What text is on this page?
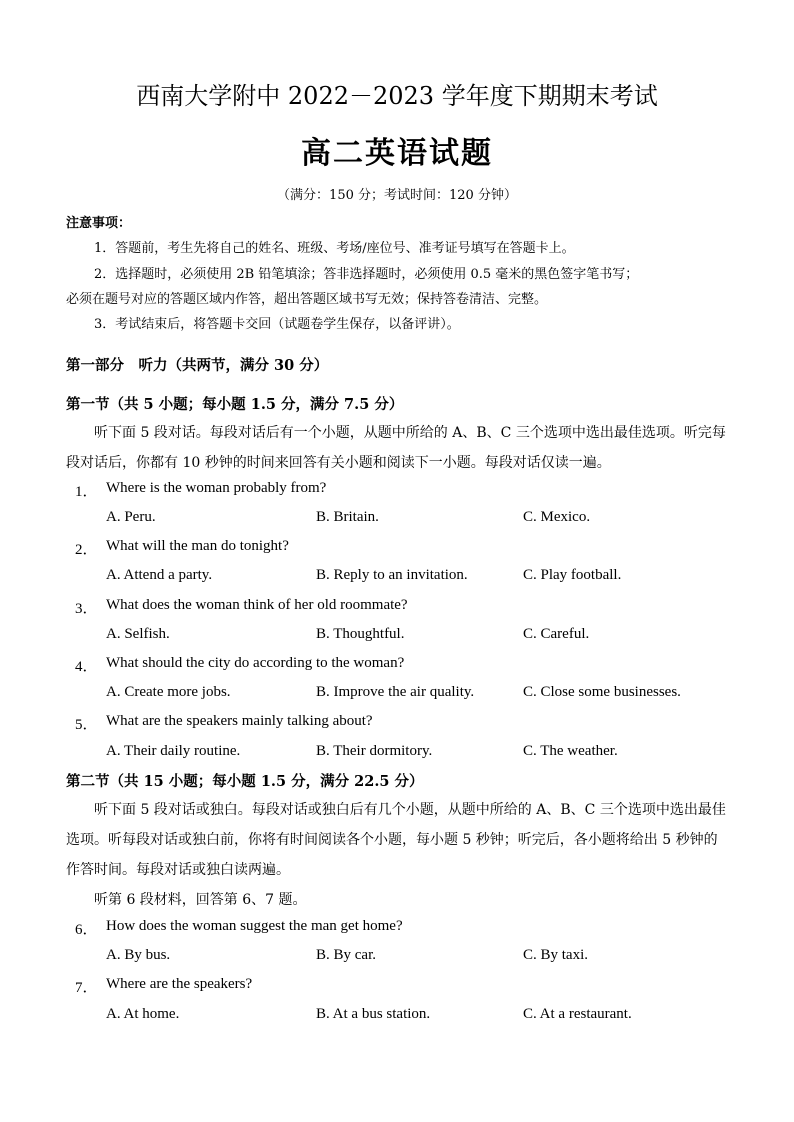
西南大学附中 2022－2023 学年度下期期末考试
高二英语试题
（满分：150 分；考试时间：120 分钟）
注意事项：
1．答题前，考生先将自己的姓名、班级、考场/座位号、准考证号填写在答题卡上。
2．选择题时，必须使用 2B 铅笔填涂；答非选择题时，必须使用 0.5 毫米的黑色签字笔书写；
必须在题号对应的答题区域内作答，超出答题区域书写无效；保持答卷清洁、完整。
3．考试结束后，将答题卡交回（试题卷学生保存，以备评讲）。
第一部分　听力（共两节，满分 30 分）
第一节（共 5 小题；每小题 1.5 分，满分 7.5 分）
听下面 5 段对话。每段对话后有一个小题，从题中所给的 A、B、C 三个选项中选出最佳选项。听完每段对话后，你都有 10 秒钟的时间来回答有关小题和阅读下一小题。每段对话仅读一遍。
1． Where is the woman probably from?
A. Peru.	B. Britain.	C. Mexico.
2． What will the man do tonight?
A. Attend a party.	B. Reply to an invitation.	C. Play football.
3． What does the woman think of her old roommate?
A. Selfish.	B. Thoughtful.	C. Careful.
4． What should the city do according to the woman?
A. Create more jobs.	B. Improve the air quality.	C. Close some businesses.
5． What are the speakers mainly talking about?
A. Their daily routine.	B. Their dormitory.	C. The weather.
第二节（共 15 小题；每小题 1.5 分，满分 22.5 分）
听下面 5 段对话或独白。每段对话或独白后有几个小题，从题中所给的 A、B、C 三个选项中选出最佳选项。听每段对话或独白前，你将有时间阅读各个小题，每小题 5 秒钟；听完后，各小题将给出 5 秒钟的作答时间。每段对话或独白读两遍。
听第 6 段材料，回答第 6、7 题。
6． How does the woman suggest the man get home?
A. By bus.	B. By car.	C. By taxi.
7． Where are the speakers?
A. At home.	B. At a bus station.	C. At a restaurant.
